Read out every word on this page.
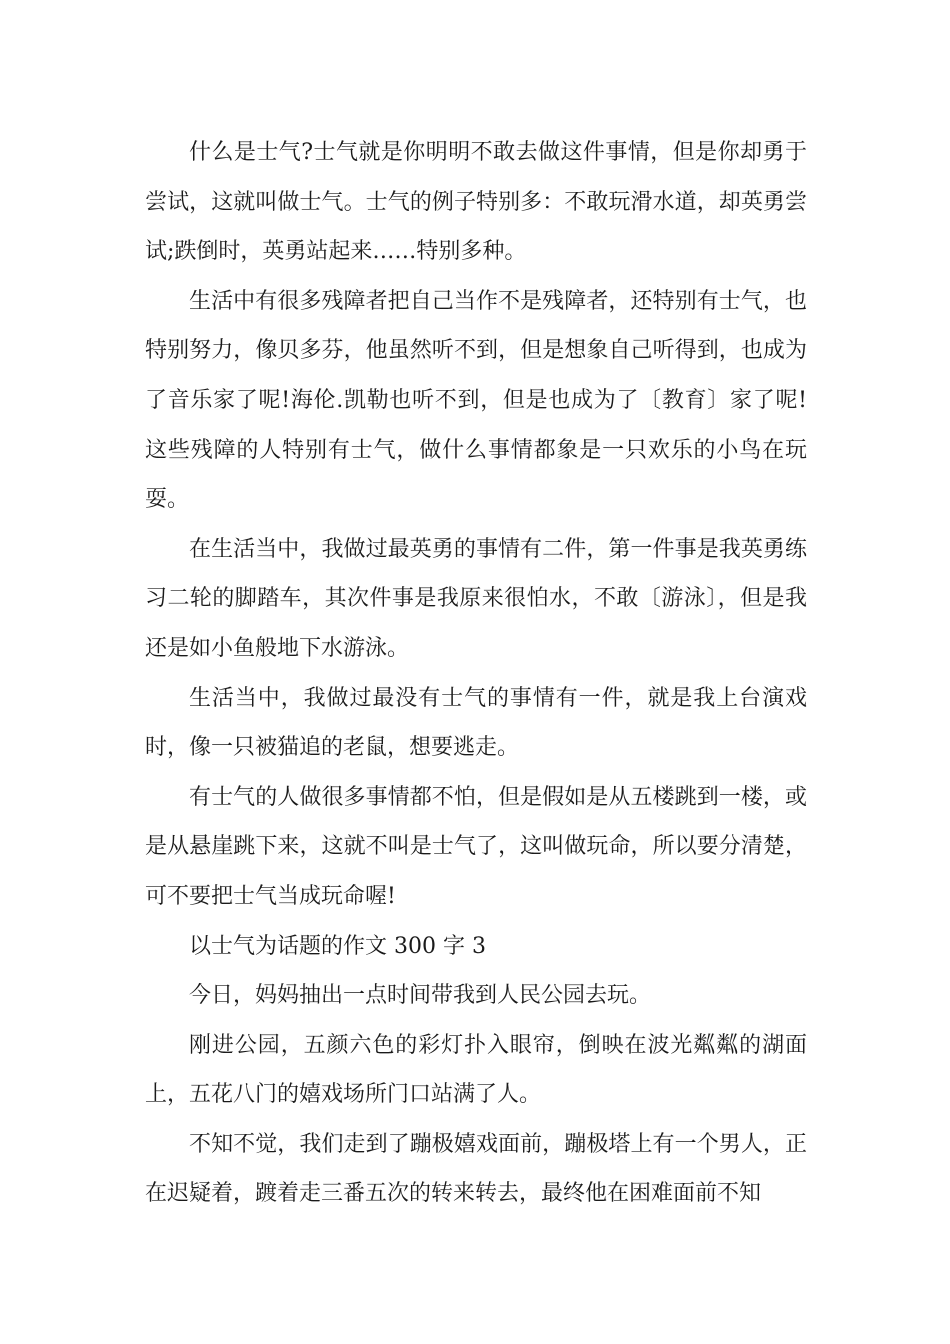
什么是士气?士气就是你明明不敢去做这件事情，但是你却勇于尝试，这就叫做士气。士气的例子特别多：不敢玩滑水道，却英勇尝试;跌倒时，英勇站起来……特别多种。

生活中有很多残障者把自己当作不是残障者，还特别有士气，也特别努力，像贝多芬，他虽然听不到，但是想象自己听得到，也成为了音乐家了呢!海伦.凯勒也听不到，但是也成为了〔教育〕家了呢!这些残障的人特别有士气，做什么事情都象是一只欢乐的小鸟在玩耍。

在生活当中，我做过最英勇的事情有二件，第一件事是我英勇练习二轮的脚踏车，其次件事是我原来很怕水，不敢〔游泳〕，但是我还是如小鱼般地下水游泳。

生活当中，我做过最没有士气的事情有一件，就是我上台演戏时，像一只被猫追的老鼠，想要逃走。

有士气的人做很多事情都不怕，但是假如是从五楼跳到一楼，或是从悬崖跳下来，这就不叫是士气了，这叫做玩命，所以要分清楚，可不要把士气当成玩命喔!

以士气为话题的作文 300 字 3

今日，妈妈抽出一点时间带我到人民公园去玩。

刚进公园，五颜六色的彩灯扑入眼帘，倒映在波光粼粼的湖面上，五花八门的嬉戏场所门口站满了人。

不知不觉，我们走到了蹦极嬉戏面前，蹦极塔上有一个男人，正在迟疑着，踱着走三番五次的转来转去，最终他在困难面前不知
